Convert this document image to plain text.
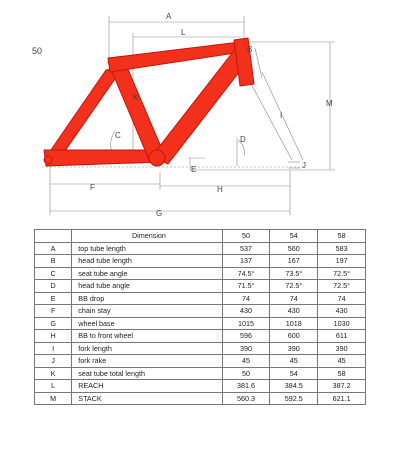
50
A
B
L
K
C	D
M
I
J
E
F	H
G
	Dimension	50	54	58
A	top tube length	537	560	583
B	head tube length	137	167	197
C	seat tube angle	74.5°	73.5°	72.5°
D	head tube angle	71.5°	72.5°	72.5°
E	BB drop	74	74	74
F	chain stay	430	430	430
G	wheel base	1015	1018	1030
H	BB to front wheel	596	600	611
I	fork length	390	390	390
J	fork rake	45	45	45
K	seat tube total length	50	54	58
L	REACH	381.6	384.5	387.2
M	STACK	560.3	592.5	621.1
